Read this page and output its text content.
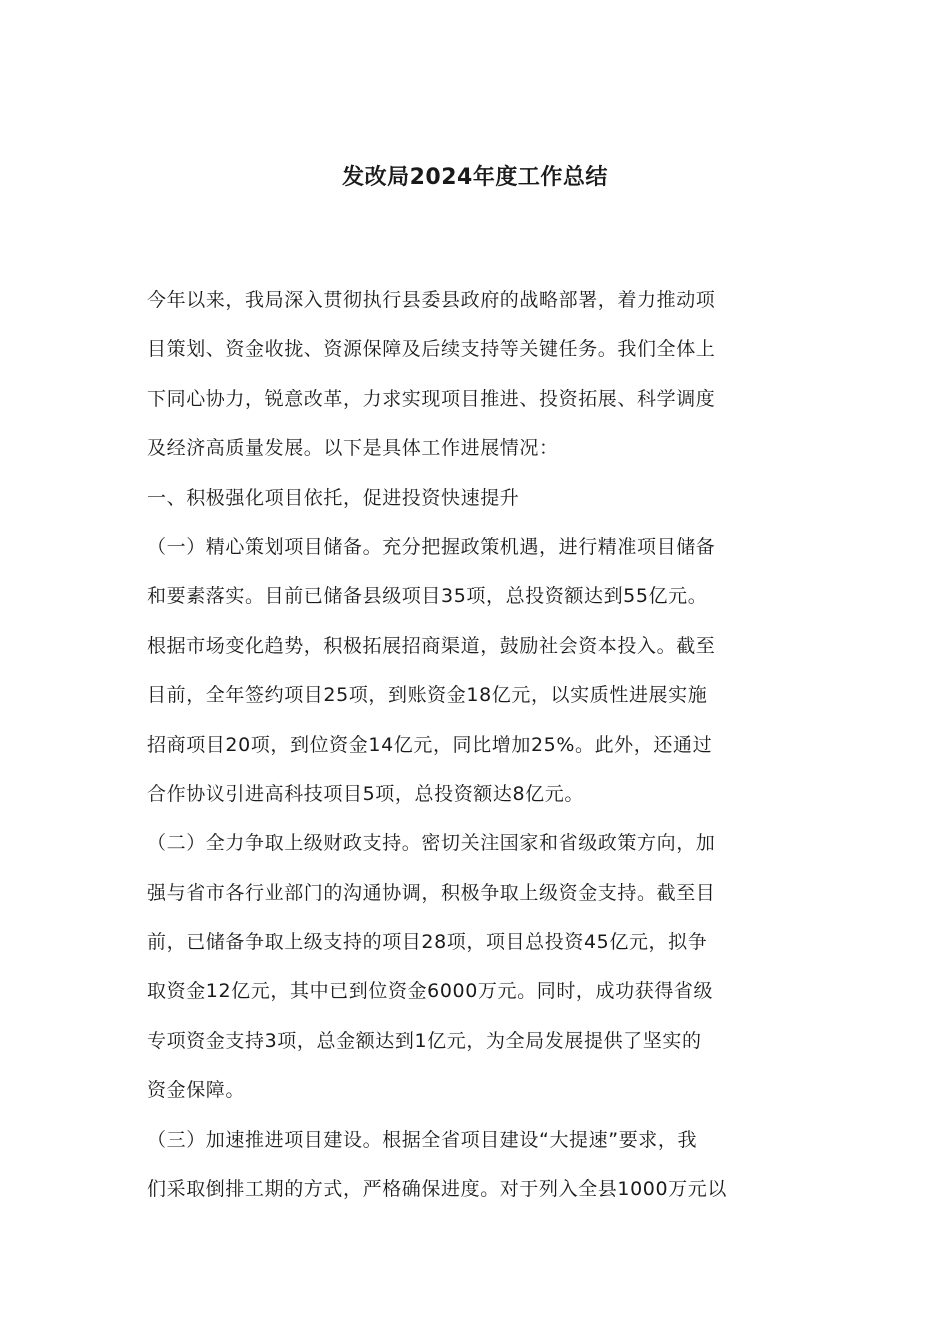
发改局2024年度工作总结
今年以来，我局深入贯彻执行县委县政府的战略部署，着力推动项
目策划、资金收拢、资源保障及后续支持等关键任务。我们全体上
下同心协力，锐意改革，力求实现项目推进、投资拓展、科学调度
及经济高质量发展。以下是具体工作进展情况：
一、积极强化项目依托，促进投资快速提升
（一）精心策划项目储备。充分把握政策机遇，进行精准项目储备
和要素落实。目前已储备县级项目35项，总投资额达到55亿元。
根据市场变化趋势，积极拓展招商渠道，鼓励社会资本投入。截至
目前，全年签约项目25项，到账资金18亿元，以实质性进展实施
招商项目20项，到位资金14亿元，同比增加25%。此外，还通过
合作协议引进高科技项目5项，总投资额达8亿元。
（二）全力争取上级财政支持。密切关注国家和省级政策方向，加
强与省市各行业部门的沟通协调，积极争取上级资金支持。截至目
前，已储备争取上级支持的项目28项，项目总投资45亿元，拟争
取资金12亿元，其中已到位资金6000万元。同时，成功获得省级
专项资金支持3项，总金额达到1亿元，为全局发展提供了坚实的
资金保障。
（三）加速推进项目建设。根据全省项目建设“大提速”要求，我
们采取倒排工期的方式，严格确保进度。对于列入全县1000万元以
